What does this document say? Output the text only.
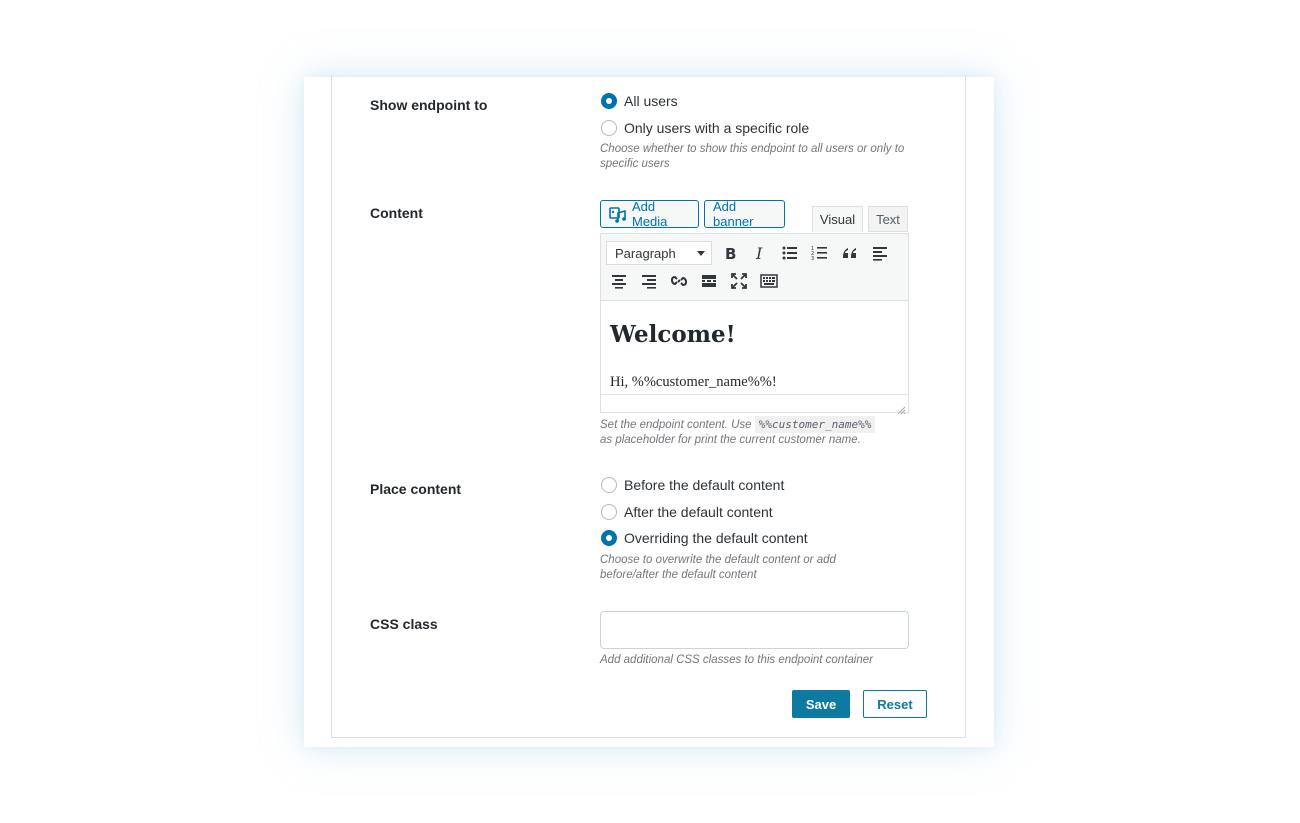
Show endpoint to	All users
Only users with a specific role
Choose whether to show this endpoint to all users or only to specific users
Content	Add Media
Add banner	Visual Text
Paragraph	B I	1
2
3
Welcome!

Hi, %%customer_name%%!

Set the endpoint content. Use %%customer_name%%
as placeholder for print the current customer name.
Place content	Before the default content
After the default content
Overriding the default content
Choose to overwrite the default content or add before/after the default content
CSS class
Add additional CSS classes to this endpoint container
Save	Reset
